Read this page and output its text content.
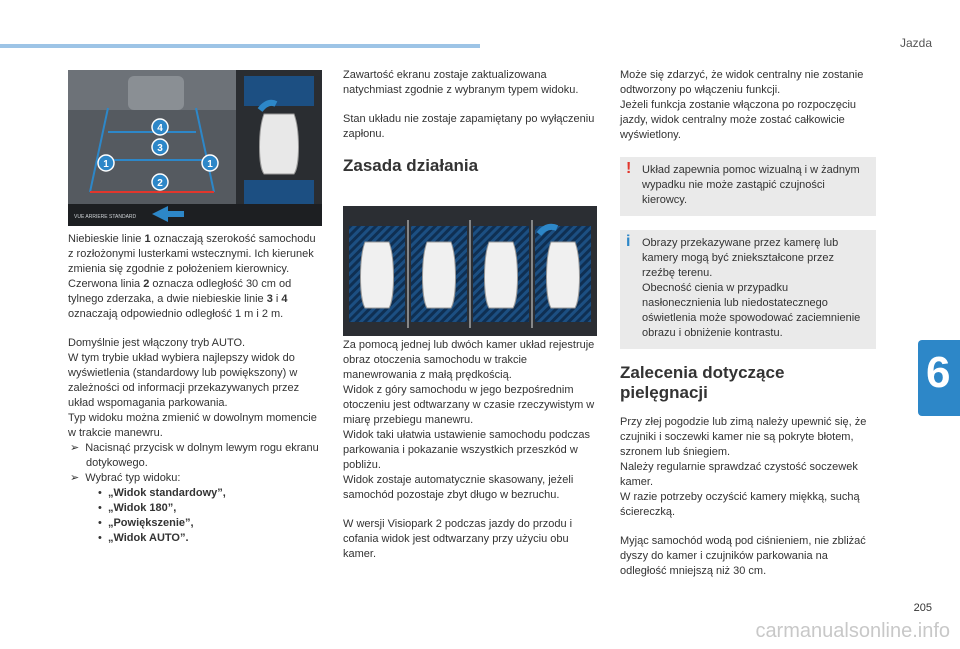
Jazda
6
205
carmanualsonline.info
4
3
1	1
2
VUE ARRIERE STANDARD

Niebieskie linie 1 oznaczają szerokość samochodu z rozłożonymi lusterkami wstecznymi. Ich kierunek zmienia się zgodnie z położeniem kierownicy.
Czerwona linia 2 oznacza odległość 30 cm od tylnego zderzaka, a dwie niebieskie linie 3 i 4 oznaczają odpowiednio odległość 1 m i 2 m.

Domyślnie jest włączony tryb AUTO.
W tym trybie układ wybiera najlepszy widok do wyświetlenia (standardowy lub powiększony) w zależności od informacji przekazywanych przez układ wspomagania parkowania.
Typ widoku można zmienić w dowolnym momencie w trakcie manewru.

➢ Nacisnąć przycisk w dolnym lewym rogu ekranu dotykowego.
➢ Wybrać typ widoku:
•  „Widok standardowy”,
•  „Widok 180”,
•  „Powiększenie”,
•  „Widok AUTO”.

Zawartość ekranu zostaje zaktualizowana natychmiast zgodnie z wybranym typem widoku.

Stan układu nie zostaje zapamiętany po wyłączeniu zapłonu.

Zasada działania

Za pomocą jednej lub dwóch kamer układ rejestruje obraz otoczenia samochodu w trakcie manewrowania z małą prędkością.
Widok z góry samochodu w jego bezpośrednim otoczeniu jest odtwarzany w czasie rzeczywistym w miarę przebiegu manewru.
Widok taki ułatwia ustawienie samochodu podczas parkowania i pokazanie wszystkich przeszkód w pobliżu.
Widok zostaje automatycznie skasowany, jeżeli samochód pozostaje zbyt długo w bezruchu.

W wersji Visiopark 2 podczas jazdy do przodu i cofania widok jest odtwarzany przy użyciu obu kamer.

Może się zdarzyć, że widok centralny nie zostanie odtworzony po włączeniu funkcji.
Jeżeli funkcja zostanie włączona po rozpoczęciu jazdy, widok centralny może zostać całkowicie wyświetlony.

! Układ zapewnia pomoc wizualną i w żadnym wypadku nie może zastąpić czujności kierowcy.
i Obrazy przekazywane przez kamerę lub kamery mogą być zniekształcone przez rzeźbę terenu.
Obecność cienia w przypadku nasłonecznienia lub niedostatecznego oświetlenia może spowodować zaciemnienie obrazu i obniżenie kontrastu.
Zalecenia dotyczące pielęgnacji

Przy złej pogodzie lub zimą należy upewnić się, że czujniki i soczewki kamer nie są pokryte błotem, szronem lub śniegiem.
Należy regularnie sprawdzać czystość soczewek kamer.
W razie potrzeby oczyścić kamery miękką, suchą ściereczką.

Myjąc samochód wodą pod ciśnieniem, nie zbliżać dyszy do kamer i czujników parkowania na odległość mniejszą niż 30 cm.
